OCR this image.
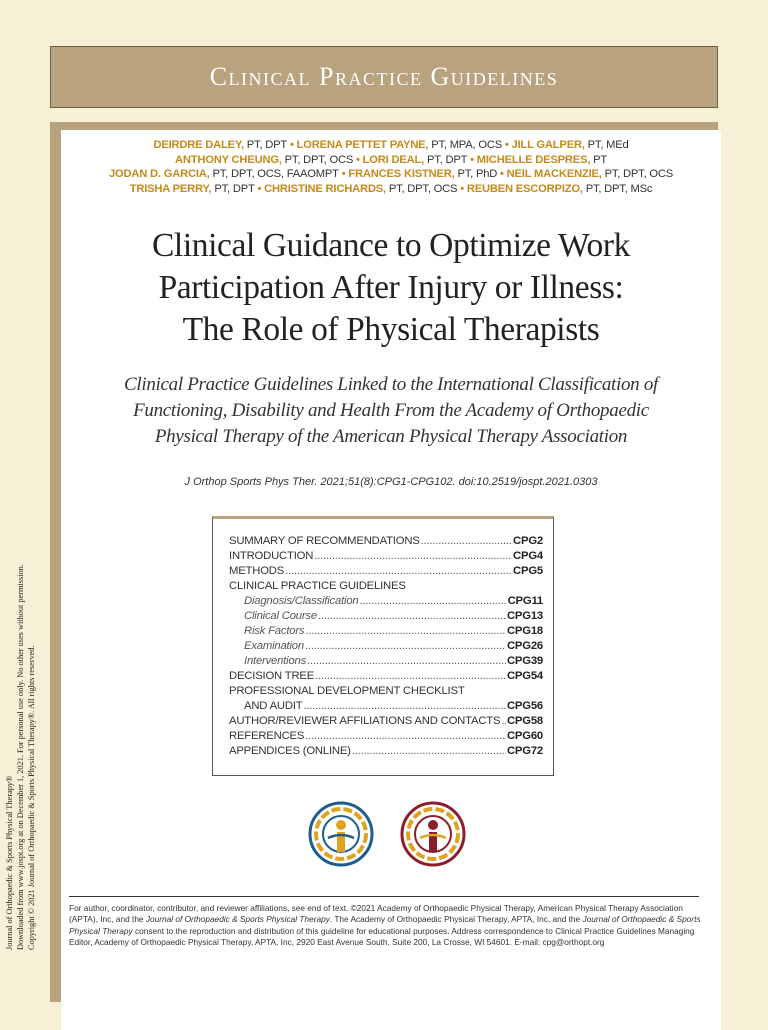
Clinical Practice Guidelines
Journal of Orthopaedic & Sports Physical Therapy® Downloaded from www.jospt.org at on December 1, 2021. For personal use only. No other uses without permission. Copyright © 2021 Journal of Orthopaedic & Sports Physical Therapy®. All rights reserved.
DEIRDRE DALEY, PT, DPT • LORENA PETTET PAYNE, PT, MPA, OCS • JILL GALPER, PT, MEd
ANTHONY CHEUNG, PT, DPT, OCS • LORI DEAL, PT, DPT • MICHELLE DESPRES, PT
JODAN D. GARCIA, PT, DPT, OCS, FAAOMPT • FRANCES KISTNER, PT, PhD • NEIL MACKENZIE, PT, DPT, OCS
TRISHA PERRY, PT, DPT • CHRISTINE RICHARDS, PT, DPT, OCS • REUBEN ESCORPIZO, PT, DPT, MSc
Clinical Guidance to Optimize Work
Participation After Injury or Illness:
The Role of Physical Therapists
Clinical Practice Guidelines Linked to the International Classification of
Functioning, Disability and Health From the Academy of Orthopaedic
Physical Therapy of the American Physical Therapy Association
J Orthop Sports Phys Ther. 2021;51(8):CPG1-CPG102. doi:10.2519/jospt.2021.0303
SUMMARY OF RECOMMENDATIONS .....	CPG2
INTRODUCTION .....	CPG4
METHODS .....	CPG5
CLINICAL PRACTICE GUIDELINES
Diagnosis/Classification .....	CPG11
Clinical Course .....	CPG13
Risk Factors .....	CPG18
Examination .....	CPG26
Interventions .....	CPG39
DECISION TREE .....	CPG54
PROFESSIONAL DEVELOPMENT CHECKLIST
AND AUDIT .....	CPG56
AUTHOR/REVIEWER AFFILIATIONS AND CONTACTS ..... CPG58
REFERENCES .....	CPG60
APPENDICES (ONLINE) .....	CPG72
For author, coordinator, contributor, and reviewer affiliations, see end of text. ©2021 Academy of Orthopaedic Physical Therapy, American Physical Therapy Association (APTA), Inc, and the Journal of Orthopaedic & Sports Physical Therapy. The Academy of Orthopaedic Physical Therapy, APTA, Inc, and the Journal of Orthopaedic & Sports Physical Therapy consent to the reproduction and distribution of this guideline for educational purposes. Address correspondence to Clinical Practice Guidelines Managing Editor, Academy of Orthopaedic Physical Therapy, APTA, Inc, 2920 East Avenue South, Suite 200, La Crosse, WI 54601. E-mail: cpg@orthopt.org
